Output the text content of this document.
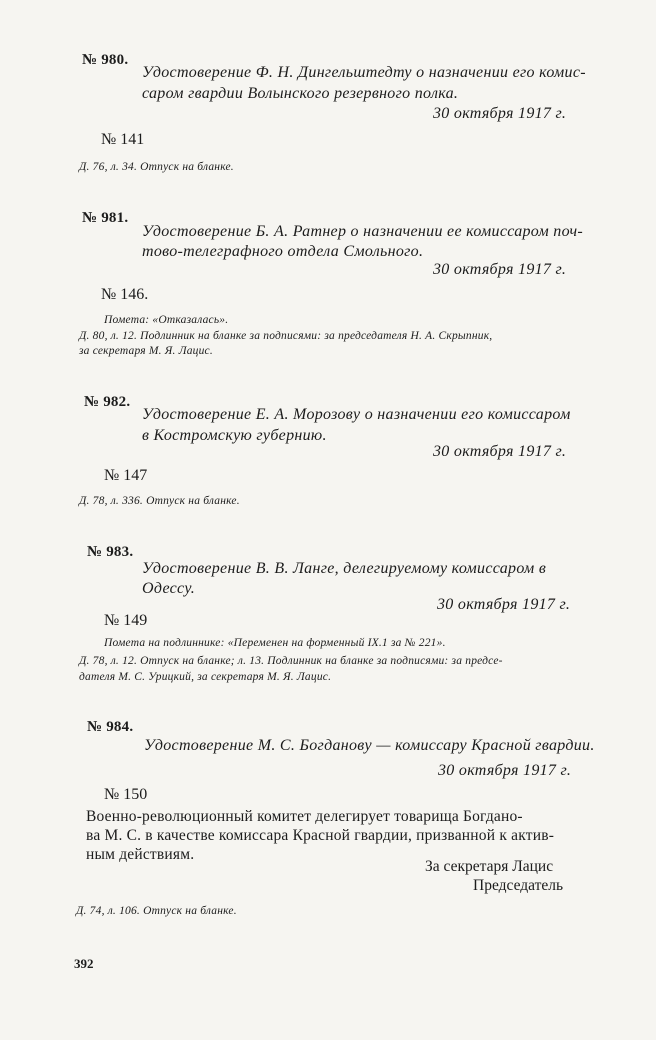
№ 980.
Удостоверение Ф. Н. Дингельштедту о назначении его комис-
саром гвардии Волынского резервного полка.
30 октября 1917 г.
№ 141
Д. 76, л. 34. Отпуск на бланке.
№ 981.
Удостоверение Б. А. Ратнер о назначении ее комиссаром поч-
тово-телеграфного отдела Смольного.
30 октября 1917 г.
№ 146.
Помета: «Отказалась».
Д. 80, л. 12. Подлинник на бланке за подписями: за председателя Н. А. Скрыпник,
за секретаря М. Я. Лацис.
№ 982.
Удостоверение Е. А. Морозову о назначении его комиссаром
в Костромскую губернию.
30 октября 1917 г.
№ 147
Д. 78, л. 336. Отпуск на бланке.
№ 983.
Удостоверение В. В. Ланге, делегируемому комиссаром в
Одессу.
30 октября 1917 г.
№ 149
Помета на подлиннике: «Переменен на форменный IX.1 за № 221».
Д. 78, л. 12. Отпуск на бланке; л. 13. Подлинник на бланке за подписями: за предсе-
дателя М. С. Урицкий, за секретаря М. Я. Лацис.
№ 984.
Удостоверение М. С. Богданову — комиссару Красной гвардии.
30 октября 1917 г.
№ 150
Военно-революционный комитет делегирует товарища Богдано-
ва М. С. в качестве комиссара Красной гвардии, призванной к актив-
ным действиям.
За секретаря Лацис
Председатель
Д. 74, л. 106. Отпуск на бланке.
392
